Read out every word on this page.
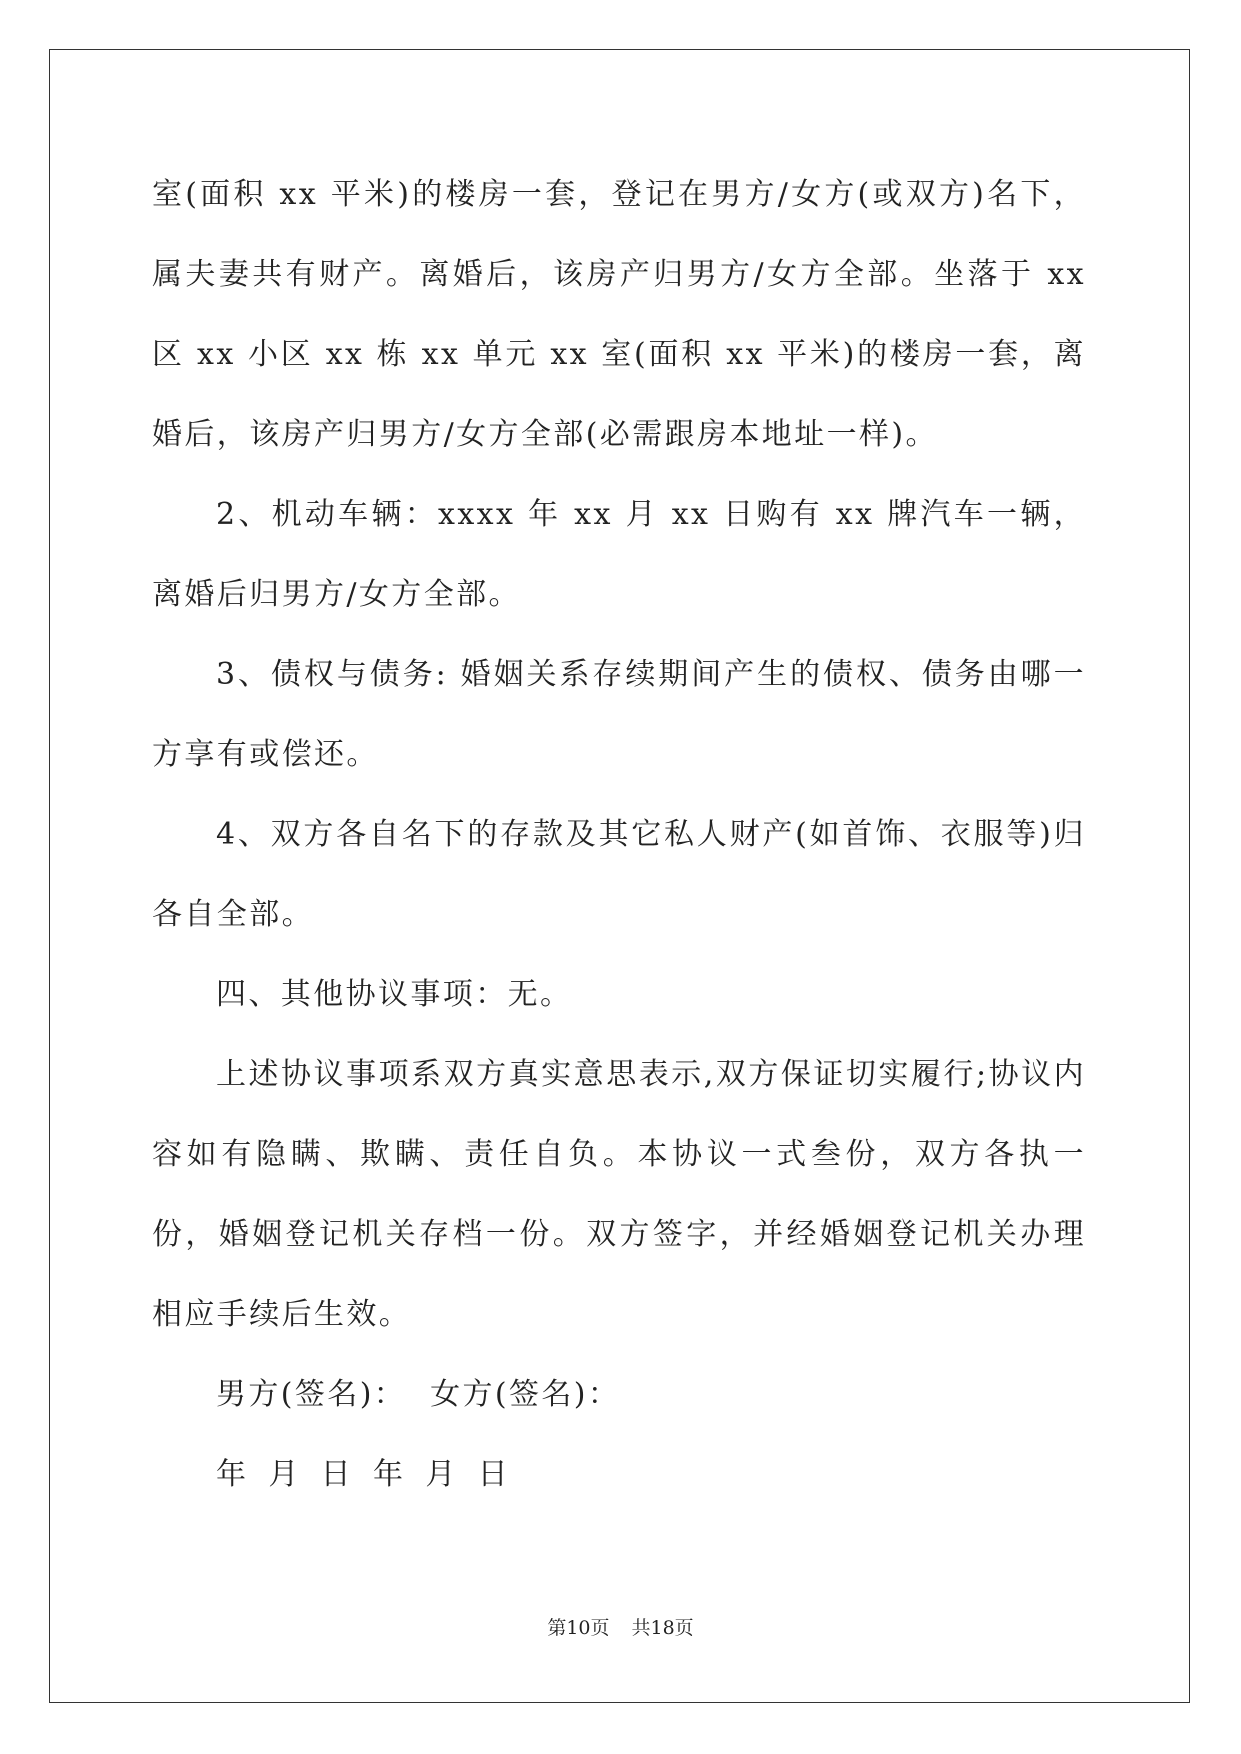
室(面积 xx 平米)的楼房一套，登记在男方/女方(或双方)名下，属夫妻共有财产。离婚后，该房产归男方/女方全部。坐落于 xx 区 xx 小区 xx 栋 xx 单元 xx 室(面积 xx 平米)的楼房一套，离婚后，该房产归男方/女方全部(必需跟房本地址一样)。

2、机动车辆：xxxx 年 xx 月 xx 日购有 xx 牌汽车一辆，离婚后归男方/女方全部。

3、债权与债务: 婚姻关系存续期间产生的债权、债务由哪一方享有或偿还。

4、双方各自名下的存款及其它私人财产(如首饰、衣服等)归各自全部。

四、其他协议事项：无。

上述协议事项系双方真实意思表示,双方保证切实履行;协议内容如有隐瞒、欺瞒、责任自负。本协议一式叁份，双方各执一份，婚姻登记机关存档一份。双方签字，并经婚姻登记机关办理相应手续后生效。

男方(签名)：  女方(签名)：

年 月 日 年 月 日

第10页 共18页
